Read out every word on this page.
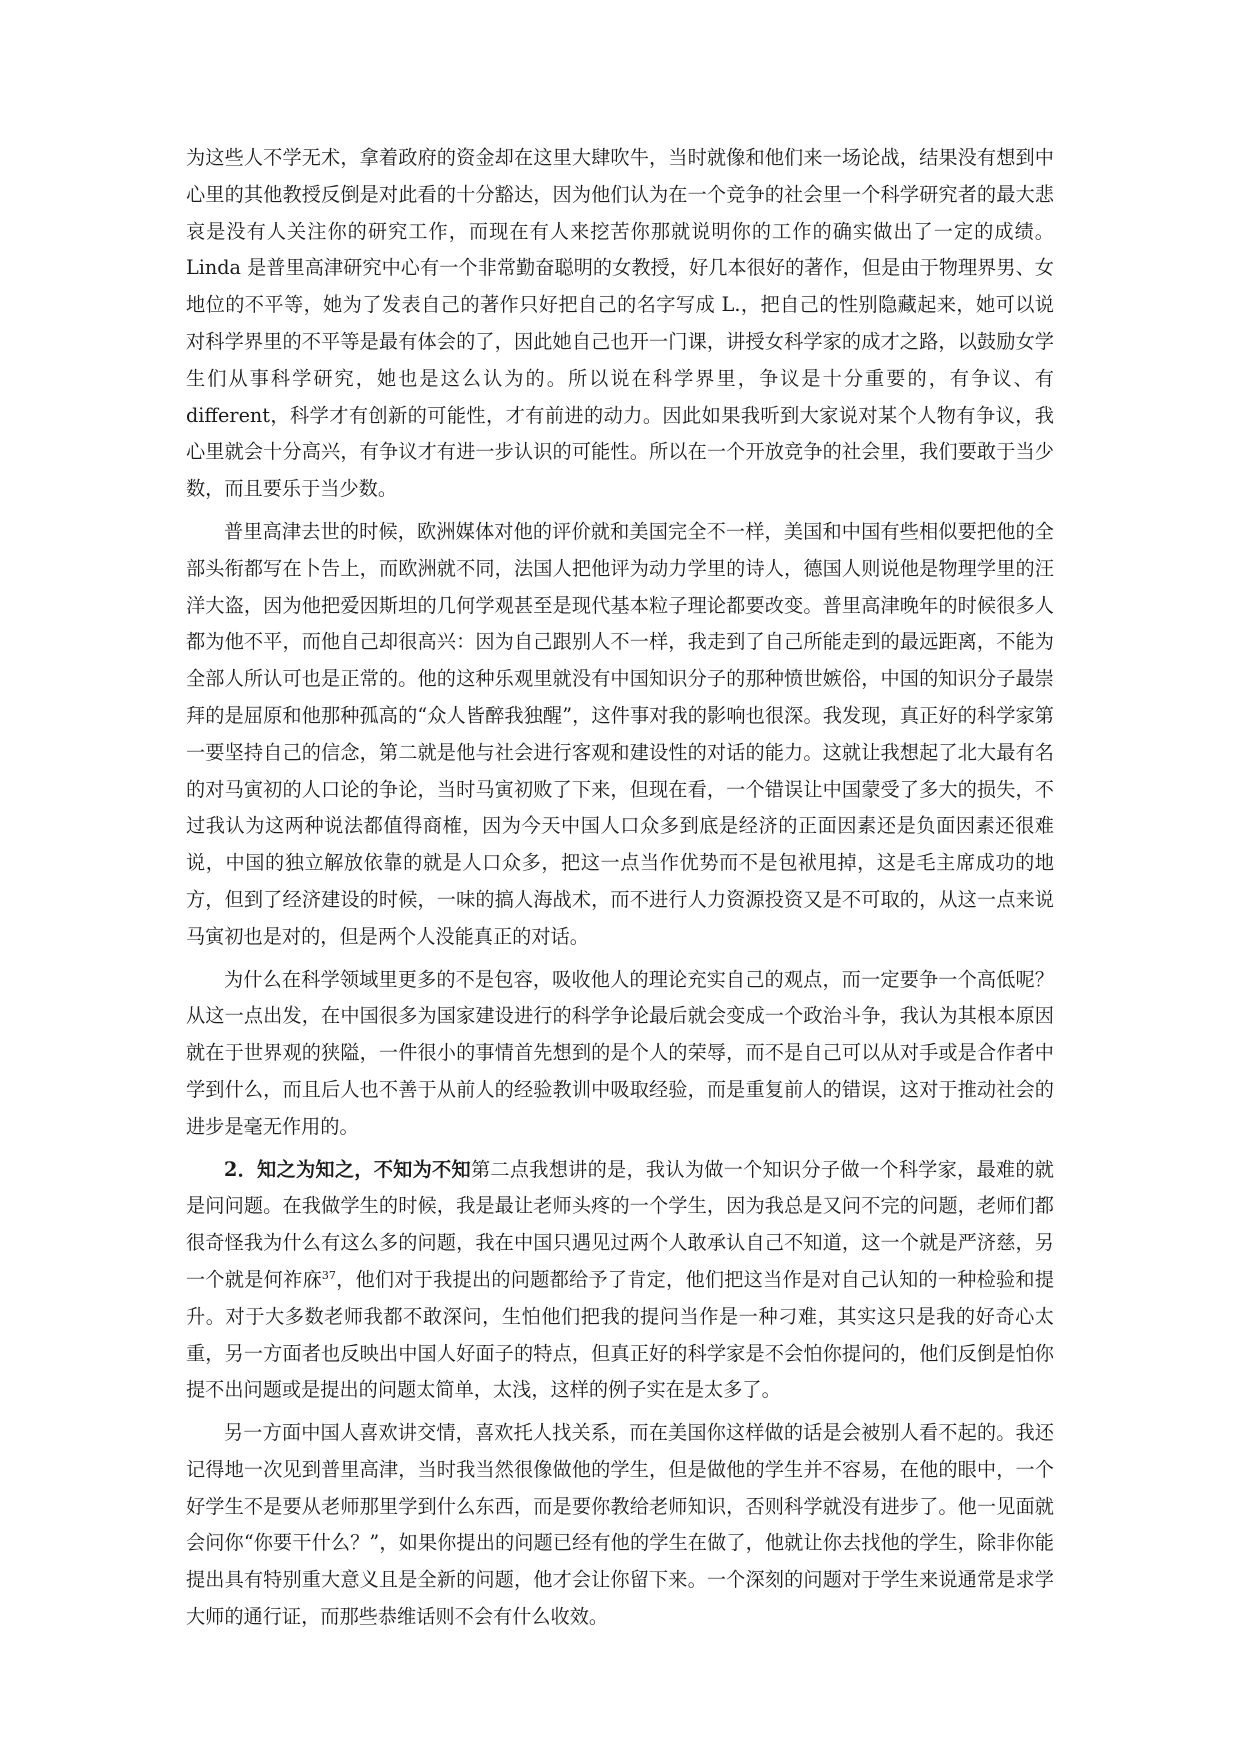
为这些人不学无术，拿着政府的资金却在这里大肆吹牛，当时就像和他们来一场论战，结果没有想到中心里的其他教授反倒是对此看的十分豁达，因为他们认为在一个竞争的社会里一个科学研究者的最大悲哀是没有人关注你的研究工作，而现在有人来挖苦你那就说明你的工作的确实做出了一定的成绩。Linda 是普里高津研究中心有一个非常勤奋聪明的女教授，好几本很好的著作，但是由于物理界男、女地位的不平等，她为了发表自己的著作只好把自己的名字写成 L.，把自己的性别隐藏起来，她可以说对科学界里的不平等是最有体会的了，因此她自己也开一门课，讲授女科学家的成才之路，以鼓励女学生们从事科学研究，她也是这么认为的。所以说在科学界里，争议是十分重要的，有争议、有 different，科学才有创新的可能性，才有前进的动力。因此如果我听到大家说对某个人物有争议，我心里就会十分高兴，有争议才有进一步认识的可能性。所以在一个开放竞争的社会里，我们要敢于当少数，而且要乐于当少数。

普里高津去世的时候，欧洲媒体对他的评价就和美国完全不一样，美国和中国有些相似要把他的全部头衔都写在卜告上，而欧洲就不同，法国人把他评为动力学里的诗人，德国人则说他是物理学里的汪洋大盗，因为他把爱因斯坦的几何学观甚至是现代基本粒子理论都要改变。普里高津晚年的时候很多人都为他不平，而他自己却很高兴：因为自己跟别人不一样，我走到了自己所能走到的最远距离，不能为全部人所认可也是正常的。他的这种乐观里就没有中国知识分子的那种愤世嫉俗，中国的知识分子最崇拜的是屈原和他那种孤高的“众人皆醉我独醒”，这件事对我的影响也很深。我发现，真正好的科学家第一要坚持自己的信念，第二就是他与社会进行客观和建设性的对话的能力。这就让我想起了北大最有名的对马寅初的人口论的争论，当时马寅初败了下来，但现在看，一个错误让中国蒙受了多大的损失，不过我认为这两种说法都值得商榷，因为今天中国人口众多到底是经济的正面因素还是负面因素还很难说，中国的独立解放依靠的就是人口众多，把这一点当作优势而不是包袱甩掉，这是毛主席成功的地方，但到了经济建设的时候，一味的搞人海战术，而不进行人力资源投资又是不可取的，从这一点来说马寅初也是对的，但是两个人没能真正的对话。

为什么在科学领域里更多的不是包容，吸收他人的理论充实自己的观点，而一定要争一个高低呢？从这一点出发，在中国很多为国家建设进行的科学争论最后就会变成一个政治斗争，我认为其根本原因就在于世界观的狭隘，一件很小的事情首先想到的是个人的荣辱，而不是自己可以从对手或是合作者中学到什么，而且后人也不善于从前人的经验教训中吸取经验，而是重复前人的错误，这对于推动社会的进步是毫无作用的。

2．知之为知之，不知为不知第二点我想讲的是，我认为做一个知识分子做一个科学家，最难的就是问问题。在我做学生的时候，我是最让老师头疼的一个学生，因为我总是又问不完的问题，老师们都很奇怪我为什么有这么多的问题，我在中国只遇见过两个人敢承认自己不知道，这一个就是严济慈，另一个就是何祚庥$^{37}$，他们对于我提出的问题都给予了肯定，他们把这当作是对自己认知的一种检验和提升。对于大多数老师我都不敢深问，生怕他们把我的提问当作是一种刁难，其实这只是我的好奇心太重，另一方面者也反映出中国人好面子的特点，但真正好的科学家是不会怕你提问的，他们反倒是怕你提不出问题或是提出的问题太简单，太浅，这样的例子实在是太多了。

另一方面中国人喜欢讲交情，喜欢托人找关系，而在美国你这样做的话是会被别人看不起的。我还记得地一次见到普里高津，当时我当然很像做他的学生，但是做他的学生并不容易，在他的眼中，一个好学生不是要从老师那里学到什么东西，而是要你教给老师知识，否则科学就没有进步了。他一见面就会问你“你要干什么？”，如果你提出的问题已经有他的学生在做了，他就让你去找他的学生，除非你能提出具有特别重大意义且是全新的问题，他才会让你留下来。一个深刻的问题对于学生来说通常是求学大师的通行证，而那些恭维话则不会有什么收效。
